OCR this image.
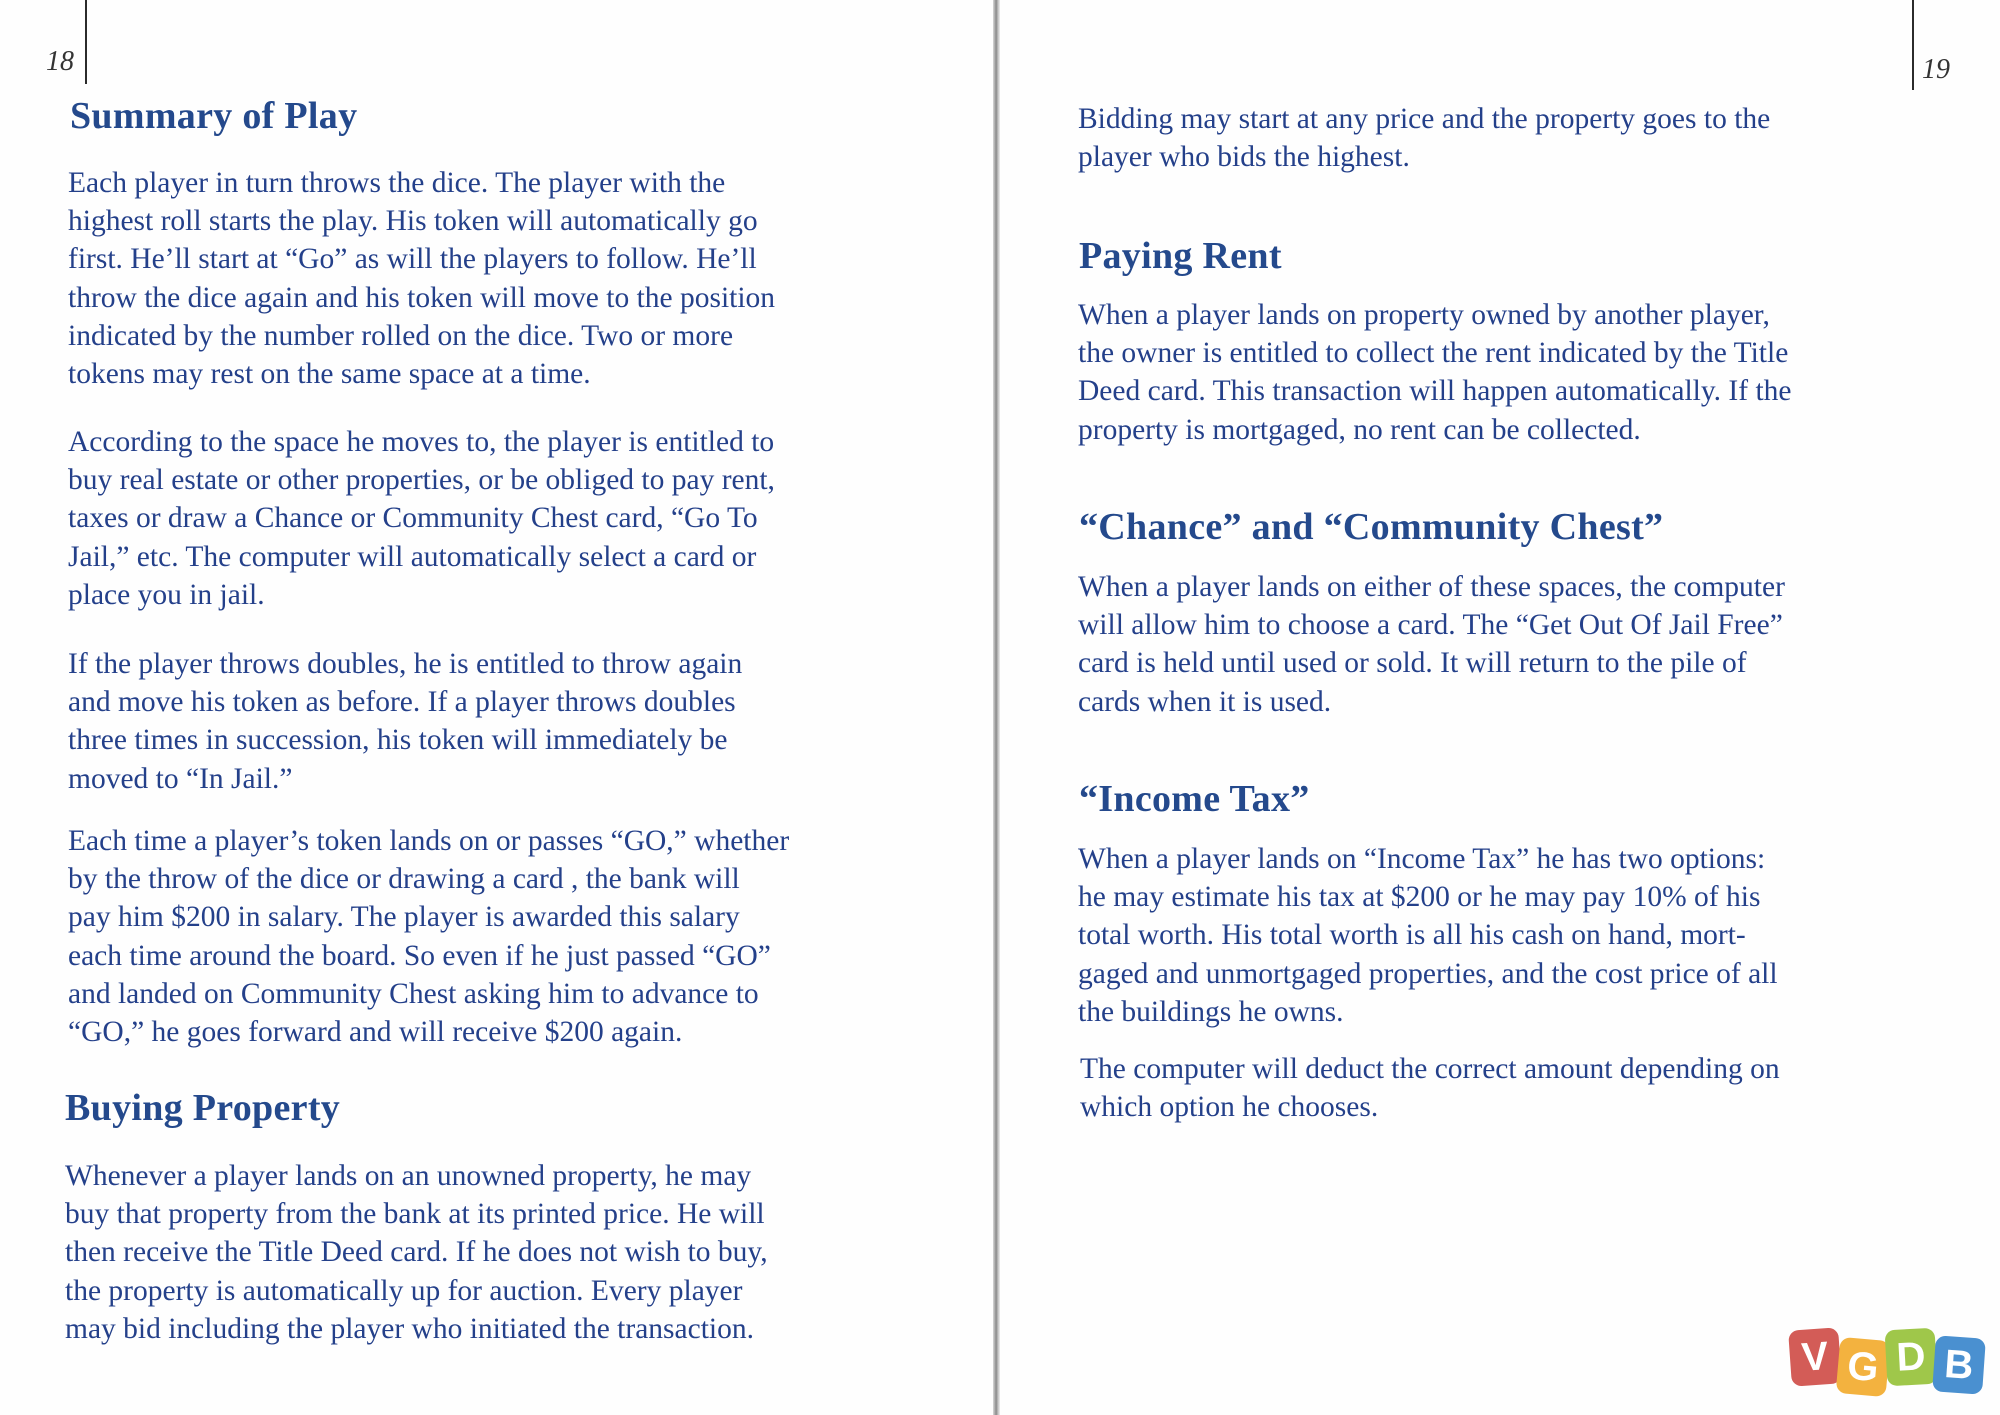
18	19
Summary of Play

Each player in turn throws the dice. The player with the
highest roll starts the play. His token will automatically go
first. He’ll start at “Go” as will the players to follow. He’ll
throw the dice again and his token will move to the position
indicated by the number rolled on the dice. Two or more
tokens may rest on the same space at a time.

According to the space he moves to, the player is entitled to
buy real estate or other properties, or be obliged to pay rent,
taxes or draw a Chance or Community Chest card, “Go To
Jail,” etc. The computer will automatically select a card or
place you in jail.

If the player throws doubles, he is entitled to throw again
and move his token as before. If a player throws doubles
three times in succession, his token will immediately be
moved to “In Jail.”

Each time a player’s token lands on or passes “GO,” whether
by the throw of the dice or drawing a card , the bank will
pay him $200 in salary. The player is awarded this salary
each time around the board. So even if he just passed “GO”
and landed on Community Chest asking him to advance to
“GO,” he goes forward and will receive $200 again.

Buying Property

Whenever a player lands on an unowned property, he may
buy that property from the bank at its printed price. He will
then receive the Title Deed card. If he does not wish to buy,
the property is automatically up for auction. Every player
may bid including the player who initiated the transaction.

Bidding may start at any price and the property goes to the
player who bids the highest.

Paying Rent

When a player lands on property owned by another player,
the owner is entitled to collect the rent indicated by the Title
Deed card. This transaction will happen automatically. If the
property is mortgaged, no rent can be collected.

“Chance” and “Community Chest”

When a player lands on either of these spaces, the computer
will allow him to choose a card. The “Get Out Of Jail Free”
card is held until used or sold. It will return to the pile of
cards when it is used.

“Income Tax”

When a player lands on “Income Tax” he has two options:
he may estimate his tax at $200 or he may pay 10% of his
total worth. His total worth is all his cash on hand, mort-
gaged and unmortgaged properties, and the cost price of all
the buildings he owns.

The computer will deduct the correct amount depending on
which option he chooses.

V G D B
